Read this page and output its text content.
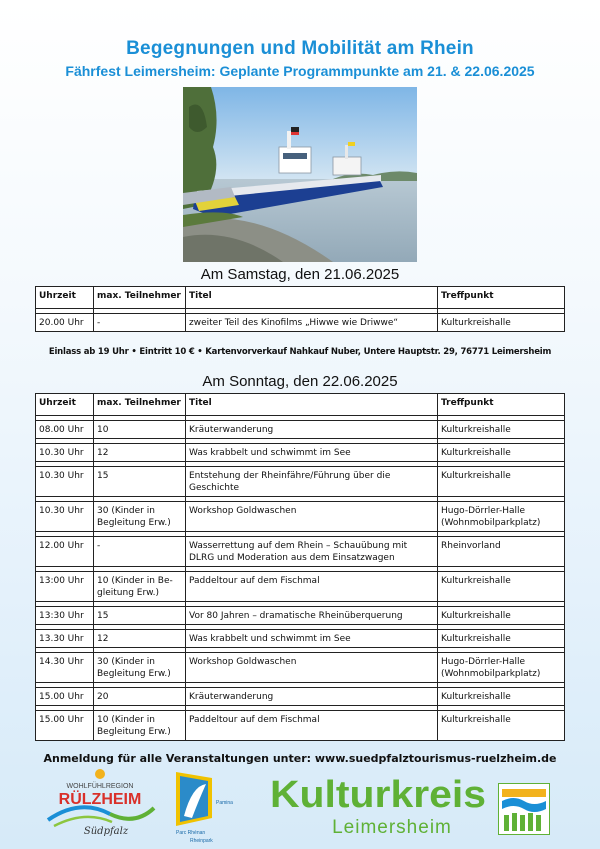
Begegnungen und Mobilität am Rhein
Fährfest Leimersheim: Geplante Programmpunkte am 21. & 22.06.2025
Am Samstag, den 21.06.2025
Uhrzeit	max. Teilnehmer	Titel	Treffpunkt

20.00 Uhr	-	zweiter Teil des Kinofilms „Hiwwe wie Driwwe“	Kulturkreishalle
Einlass ab 19 Uhr • Eintritt 10 € • Kartenvorverkauf Nahkauf Nuber, Untere Hauptstr. 29, 76771 Leimersheim
Am Sonntag, den 22.06.2025
Uhrzeit	max. Teilnehmer	Titel	Treffpunkt

08.00 Uhr	10	Kräuterwanderung	Kulturkreishalle

10.30 Uhr	12	Was krabbelt und schwimmt im See	Kulturkreishalle

10.30 Uhr	15	Entstehung der Rheinfähre/Führung über die Geschichte	Kulturkreishalle

10.30 Uhr	30 (Kinder in Begleitung Erw.)	Workshop Goldwaschen	Hugo-Dörrler-Halle (Wohnmobilparkplatz)

12.00 Uhr	-	Wasserrettung auf dem Rhein – Schauübung mit DLRG und Moderation aus dem Einsatzwagen	Rheinvorland

13:00 Uhr	10 (Kinder in Be-gleitung Erw.)	Paddeltour auf dem Fischmal	Kulturkreishalle

13:30 Uhr	15	Vor 80 Jahren – dramatische Rheinüberquerung	Kulturkreishalle

13.30 Uhr	12	Was krabbelt und schwimmt im See	Kulturkreishalle

14.30 Uhr	30 (Kinder in Begleitung Erw.)	Workshop Goldwaschen	Hugo-Dörrler-Halle (Wohnmobilparkplatz)

15.00 Uhr	20	Kräuterwanderung	Kulturkreishalle

15.00 Uhr	10 (Kinder in Begleitung Erw.)	Paddeltour auf dem Fischmal	Kulturkreishalle
Anmeldung für alle Veranstaltungen unter: www.suedpfalztourismus-ruelzheim.de
WOHLFÜHLREGION
RÜLZHEIM
Südpfalz
Pamina
Parc Rhénan
Rheinpark
Kulturkreis
Leimersheim
